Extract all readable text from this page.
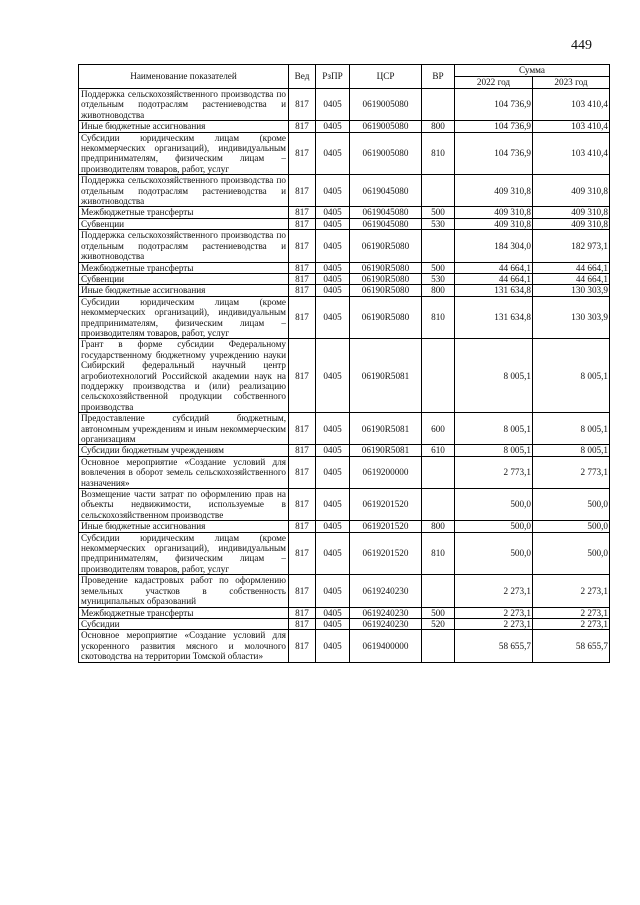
449
Наименование показателей	Вед	РзПР	ЦСР	ВР	Сумма	
					2022 год	2023 год
Поддержка сельскохозяйственного производства по отдельным подотраслям растениеводства и животноводства	817	0405	0619005080		104 736,9	103 410,4
Иные бюджетные ассигнования	817	0405	0619005080	800	104 736,9	103 410,4
Субсидии юридическим лицам (кроме некоммерческих организаций), индивидуальным предпринимателям, физическим лицам – производителям товаров, работ, услуг	817	0405	0619005080	810	104 736,9	103 410,4
Поддержка сельскохозяйственного производства по отдельным подотраслям растениеводства и животноводства	817	0405	0619045080		409 310,8	409 310,8
Межбюджетные трансферты	817	0405	0619045080	500	409 310,8	409 310,8
Субвенции	817	0405	0619045080	530	409 310,8	409 310,8
Поддержка сельскохозяйственного производства по отдельным подотраслям растениеводства и животноводства	817	0405	06190R5080		184 304,0	182 973,1
Межбюджетные трансферты	817	0405	06190R5080	500	44 664,1	44 664,1
Субвенции	817	0405	06190R5080	530	44 664,1	44 664,1
Иные бюджетные ассигнования	817	0405	06190R5080	800	131 634,8	130 303,9
Субсидии юридическим лицам (кроме некоммерческих организаций), индивидуальным предпринимателям, физическим лицам – производителям товаров, работ, услуг	817	0405	06190R5080	810	131 634,8	130 303,9
Грант в форме субсидии Федеральному государственному бюджетному учреждению науки Сибирский федеральный научный центр агробиотехнологий Российской академии наук на поддержку производства и (или) реализацию сельскохозяйственной продукции собственного производства	817	0405	06190R5081		8 005,1	8 005,1
Предоставление субсидий бюджетным, автономным учреждениям и иным некоммерческим организациям	817	0405	06190R5081	600	8 005,1	8 005,1
Субсидии бюджетным учреждениям	817	0405	06190R5081	610	8 005,1	8 005,1
Основное мероприятие «Создание условий для вовлечения в оборот земель сельскохозяйственного назначения»	817	0405	0619200000		2 773,1	2 773,1
Возмещение части затрат по оформлению прав на объекты недвижимости, используемые в сельскохозяйственном производстве	817	0405	0619201520		500,0	500,0
Иные бюджетные ассигнования	817	0405	0619201520	800	500,0	500,0
Субсидии юридическим лицам (кроме некоммерческих организаций), индивидуальным предпринимателям, физическим лицам – производителям товаров, работ, услуг	817	0405	0619201520	810	500,0	500,0
Проведение кадастровых работ по оформлению земельных участков в собственность муниципальных образований	817	0405	0619240230		2 273,1	2 273,1
Межбюджетные трансферты	817	0405	0619240230	500	2 273,1	2 273,1
Субсидии	817	0405	0619240230	520	2 273,1	2 273,1
Основное мероприятие «Создание условий для ускоренного развития мясного и молочного скотоводства на территории Томской области»	817	0405	0619400000		58 655,7	58 655,7
